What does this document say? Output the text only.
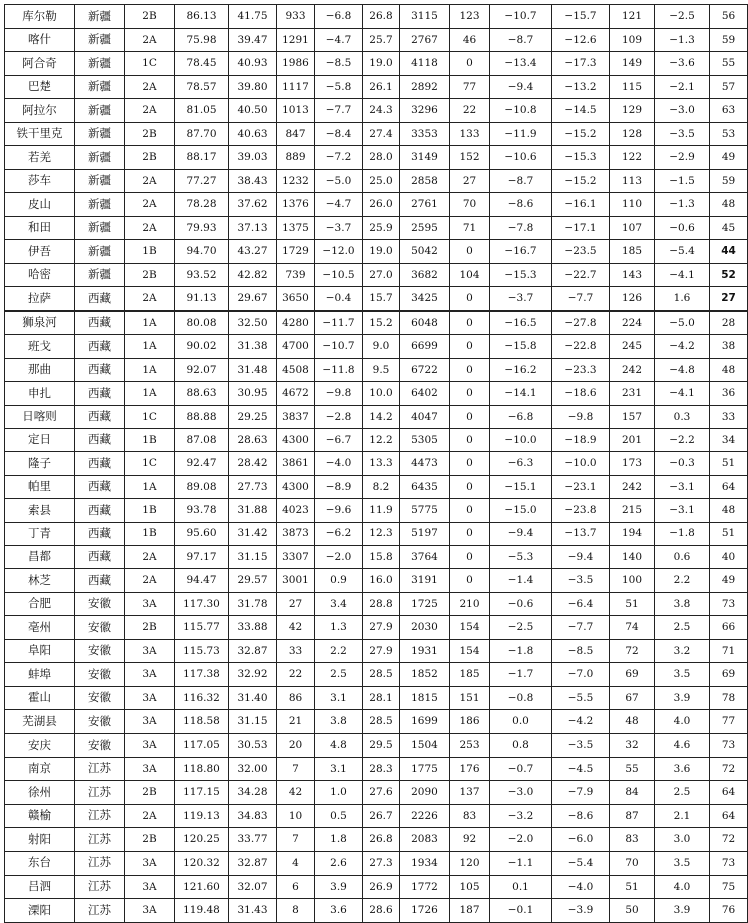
库尔勒	新疆	2B	86.13	41.75	933	−6.8	26.8	3115	123	−10.7	−15.7	121	−2.5	56
喀什	新疆	2A	75.98	39.47	1291	−4.7	25.7	2767	46	−8.7	−12.6	109	−1.3	59
阿合奇	新疆	1C	78.45	40.93	1986	−8.5	19.0	4118	0	−13.4	−17.3	149	−3.6	55
巴楚	新疆	2A	78.57	39.80	1117	−5.8	26.1	2892	77	−9.4	−13.2	115	−2.1	57
阿拉尔	新疆	2A	81.05	40.50	1013	−7.7	24.3	3296	22	−10.8	−14.5	129	−3.0	63
铁干里克	新疆	2B	87.70	40.63	847	−8.4	27.4	3353	133	−11.9	−15.2	128	−3.5	53
若羌	新疆	2B	88.17	39.03	889	−7.2	28.0	3149	152	−10.6	−15.3	122	−2.9	49
莎车	新疆	2A	77.27	38.43	1232	−5.0	25.0	2858	27	−8.7	−15.2	113	−1.5	59
皮山	新疆	2A	78.28	37.62	1376	−4.7	26.0	2761	70	−8.6	−16.1	110	−1.3	48
和田	新疆	2A	79.93	37.13	1375	−3.7	25.9	2595	71	−7.8	−17.1	107	−0.6	45
伊吾	新疆	1B	94.70	43.27	1729	−12.0	19.0	5042	0	−16.7	−23.5	185	−5.4	44
哈密	新疆	2B	93.52	42.82	739	−10.5	27.0	3682	104	−15.3	−22.7	143	−4.1	52
拉萨	西藏	2A	91.13	29.67	3650	−0.4	15.7	3425	0	−3.7	−7.7	126	1.6	27
狮泉河	西藏	1A	80.08	32.50	4280	−11.7	15.2	6048	0	−16.5	−27.8	224	−5.0	28
班戈	西藏	1A	90.02	31.38	4700	−10.7	9.0	6699	0	−15.8	−22.8	245	−4.2	38
那曲	西藏	1A	92.07	31.48	4508	−11.8	9.5	6722	0	−16.2	−23.3	242	−4.8	48
申扎	西藏	1A	88.63	30.95	4672	−9.8	10.0	6402	0	−14.1	−18.6	231	−4.1	36
日喀则	西藏	1C	88.88	29.25	3837	−2.8	14.2	4047	0	−6.8	−9.8	157	0.3	33
定日	西藏	1B	87.08	28.63	4300	−6.7	12.2	5305	0	−10.0	−18.9	201	−2.2	34
隆子	西藏	1C	92.47	28.42	3861	−4.0	13.3	4473	0	−6.3	−10.0	173	−0.3	51
帕里	西藏	1A	89.08	27.73	4300	−8.9	8.2	6435	0	−15.1	−23.1	242	−3.1	64
索县	西藏	1B	93.78	31.88	4023	−9.6	11.9	5775	0	−15.0	−23.8	215	−3.1	48
丁青	西藏	1B	95.60	31.42	3873	−6.2	12.3	5197	0	−9.4	−13.7	194	−1.8	51
昌都	西藏	2A	97.17	31.15	3307	−2.0	15.8	3764	0	−5.3	−9.4	140	0.6	40
林芝	西藏	2A	94.47	29.57	3001	0.9	16.0	3191	0	−1.4	−3.5	100	2.2	49
合肥	安徽	3A	117.30	31.78	27	3.4	28.8	1725	210	−0.6	−6.4	51	3.8	73
亳州	安徽	2B	115.77	33.88	42	1.3	27.9	2030	154	−2.5	−7.7	74	2.5	66
阜阳	安徽	3A	115.73	32.87	33	2.2	27.9	1931	154	−1.8	−8.5	72	3.2	71
蚌埠	安徽	3A	117.38	32.92	22	2.5	28.5	1852	185	−1.7	−7.0	69	3.5	69
霍山	安徽	3A	116.32	31.40	86	3.1	28.1	1815	151	−0.8	−5.5	67	3.9	78
芜湖县	安徽	3A	118.58	31.15	21	3.8	28.5	1699	186	0.0	−4.2	48	4.0	77
安庆	安徽	3A	117.05	30.53	20	4.8	29.5	1504	253	0.8	−3.5	32	4.6	73
南京	江苏	3A	118.80	32.00	7	3.1	28.3	1775	176	−0.7	−4.5	55	3.6	72
徐州	江苏	2B	117.15	34.28	42	1.0	27.6	2090	137	−3.0	−7.9	84	2.5	64
赣榆	江苏	2A	119.13	34.83	10	0.5	26.7	2226	83	−3.2	−8.6	87	2.1	64
射阳	江苏	2B	120.25	33.77	7	1.8	26.8	2083	92	−2.0	−6.0	83	3.0	72
东台	江苏	3A	120.32	32.87	4	2.6	27.3	1934	120	−1.1	−5.4	70	3.5	73
吕泗	江苏	3A	121.60	32.07	6	3.9	26.9	1772	105	0.1	−4.0	51	4.0	75
溧阳	江苏	3A	119.48	31.43	8	3.6	28.6	1726	187	−0.1	−3.9	50	3.9	76
